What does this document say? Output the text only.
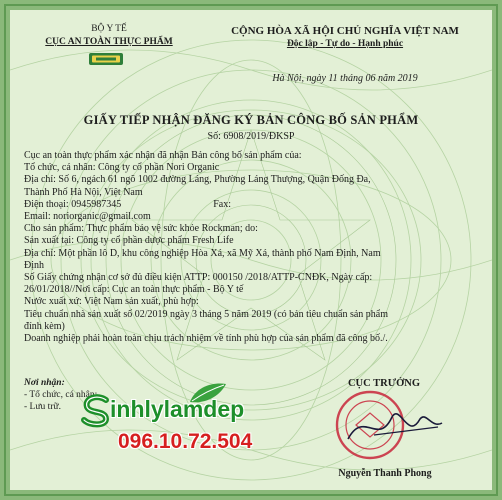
BỘ Y TẾ
CỤC AN TOÀN THỰC PHẨM
CỘNG HÒA XÃ HỘI CHỦ NGHĨA VIỆT NAM
Độc lập - Tự do - Hạnh phúc
Hà Nội, ngày 11 tháng 06 năm 2019
GIẤY TIẾP NHẬN ĐĂNG KÝ BẢN CÔNG BỐ SẢN PHẨM
Số: 6908/2019/ĐKSP
Cục an toàn thực phẩm xác nhận đã nhận Bản công bố sản phẩm của:
Tổ chức, cá nhân: Công ty cổ phần Nori Organic
Địa chỉ: Số 6, ngách 61 ngõ 1002 đường Láng, Phường Láng Thượng, Quận Đống Đa,
Thành Phố Hà Nội, Việt Nam
Điện thoại: 0945987345	Fax:
Email: noriorganic@gmail.com
Cho sản phẩm: Thực phẩm bảo vệ sức khỏe Rockman; do:
Sản xuất tại: Công ty cổ phần dược phẩm Fresh Life
Địa chỉ: Một phần lô D, khu công nghiệp Hòa Xá, xã Mỹ Xá, thành phố Nam Định, Nam
Định
Số Giấy chứng nhận cơ sở đủ điều kiện ATTP: 000150 /2018/ATTP-CNĐK, Ngày cấp:
26/01/2018//Nơi cấp: Cục an toàn thực phẩm - Bộ Y tế
Nước xuất xứ: Việt Nam sản xuất, phù hợp:
Tiêu chuẩn nhà sản xuất số 02/2019 ngày 3 tháng 5 năm 2019 (có bản tiêu chuẩn sản phẩm
đính kèm)
Doanh nghiệp phải hoàn toàn chịu trách nhiệm về tính phù hợp của sản phẩm đã công bố./.
Nơi nhận:
- Tổ chức, cá nhân;
- Lưu trữ.
CỤC TRƯỞNG
Nguyễn Thanh Phong
inhlylamdep
096.10.72.504
